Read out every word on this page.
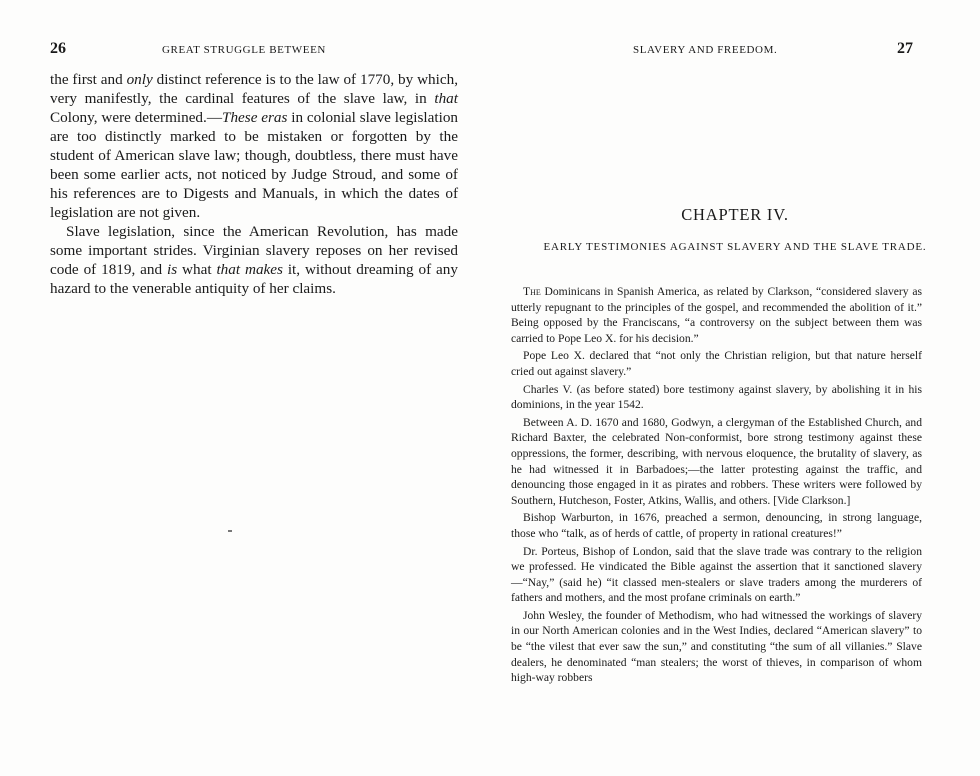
26	GREAT STRUGGLE BETWEEN

the first and only distinct reference is to the law of 1770, by which, very manifestly, the cardinal features of the slave law, in that Colony, were determined.—These eras in colonial slave legislation are too distinctly marked to be mistaken or forgotten by the student of American slave law; though, doubtless, there must have been some earlier acts, not noticed by Judge Stroud, and some of his references are to Digests and Manuals, in which the dates of legislation are not given.

Slave legislation, since the American Revolution, has made some important strides. Virginian slavery reposes on her revised code of 1819, and is what that makes it, without dreaming of any hazard to the venerable antiquity of her claims.

SLAVERY AND FREEDOM.	27
CHAPTER IV.
EARLY TESTIMONIES AGAINST SLAVERY AND THE SLAVE TRADE.

The Dominicans in Spanish America, as related by Clarkson, “considered slavery as utterly repugnant to the principles of the gospel, and recommended the abolition of it.” Being opposed by the Franciscans, “a controversy on the subject between them was carried to Pope Leo X. for his decision.”

Pope Leo X. declared that “not only the Christian religion, but that nature herself cried out against slavery.”

Charles V. (as before stated) bore testimony against slavery, by abolishing it in his dominions, in the year 1542.

Between A. D. 1670 and 1680, Godwyn, a clergyman of the Established Church, and Richard Baxter, the celebrated Non-conformist, bore strong testimony against these oppressions, the former, describing, with nervous eloquence, the brutality of slavery, as he had witnessed it in Barbadoes;—the latter protesting against the traffic, and denouncing those engaged in it as pirates and robbers. These writers were followed by Southern, Hutcheson, Foster, Atkins, Wallis, and others. [Vide Clarkson.]

Bishop Warburton, in 1676, preached a sermon, denouncing, in strong language, those who “talk, as of herds of cattle, of property in rational creatures!”

Dr. Porteus, Bishop of London, said that the slave trade was contrary to the religion we professed. He vindicated the Bible against the assertion that it sanctioned slavery—“Nay,” (said he) “it classed men-stealers or slave traders among the murderers of fathers and mothers, and the most profane criminals on earth.”

John Wesley, the founder of Methodism, who had witnessed the workings of slavery in our North American colonies and in the West Indies, declared “American slavery” to be “the vilest that ever saw the sun,” and constituting “the sum of all villanies.” Slave dealers, he denominated “man stealers; the worst of thieves, in comparison of whom high-way robbers
